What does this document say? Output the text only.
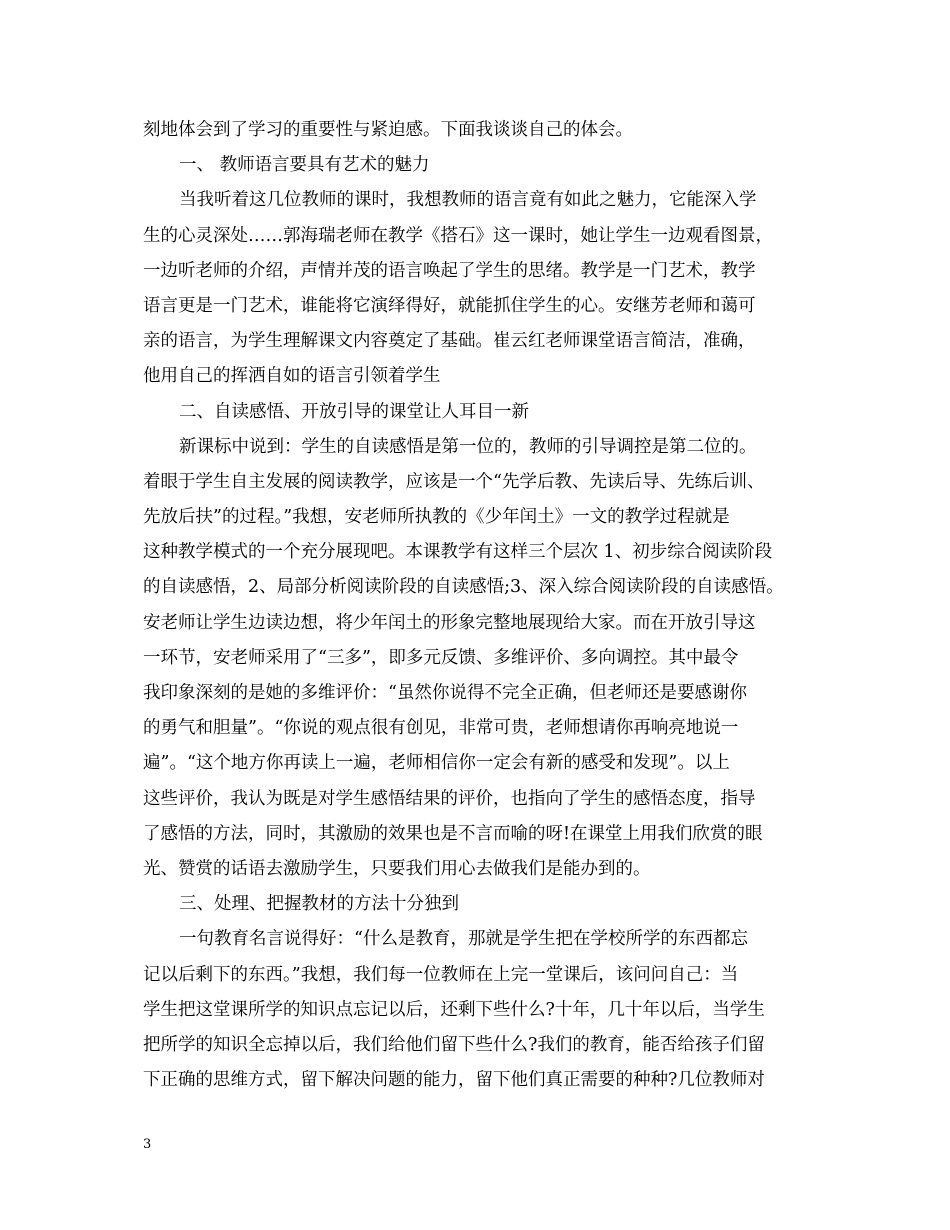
刻地体会到了学习的重要性与紧迫感。下面我谈谈自己的体会。
一、 教师语言要具有艺术的魅力
当我听着这几位教师的课时，我想教师的语言竟有如此之魅力，它能深入学
生的心灵深处……郭海瑞老师在教学《搭石》这一课时，她让学生一边观看图景，
一边听老师的介绍，声情并茂的语言唤起了学生的思绪。教学是一门艺术，教学
语言更是一门艺术，谁能将它演绎得好，就能抓住学生的心。安继芳老师和蔼可
亲的语言，为学生理解课文内容奠定了基础。崔云红老师课堂语言简洁，准确，
他用自己的挥洒自如的语言引领着学生
二、自读感悟、开放引导的课堂让人耳目一新
新课标中说到：学生的自读感悟是第一位的，教师的引导调控是第二位的。
着眼于学生自主发展的阅读教学，应该是一个“先学后教、先读后导、先练后训、
先放后扶”的过程。”我想，安老师所执教的《少年闰土》一文的教学过程就是
这种教学模式的一个充分展现吧。本课教学有这样三个层次 1、初步综合阅读阶段
的自读感悟，2、局部分析阅读阶段的自读感悟;3、深入综合阅读阶段的自读感悟。
安老师让学生边读边想，将少年闰土的形象完整地展现给大家。而在开放引导这
一环节，安老师采用了“三多”，即多元反馈、多维评价、多向调控。其中最令
我印象深刻的是她的多维评价：“虽然你说得不完全正确，但老师还是要感谢你
的勇气和胆量”。“你说的观点很有创见，非常可贵，老师想请你再响亮地说一
遍”。“这个地方你再读上一遍，老师相信你一定会有新的感受和发现”。以上
这些评价，我认为既是对学生感悟结果的评价，也指向了学生的感悟态度，指导
了感悟的方法，同时，其激励的效果也是不言而喻的呀!在课堂上用我们欣赏的眼
光、赞赏的话语去激励学生，只要我们用心去做我们是能办到的。
三、处理、把握教材的方法十分独到
一句教育名言说得好：“什么是教育，那就是学生把在学校所学的东西都忘
记以后剩下的东西。”我想，我们每一位教师在上完一堂课后，该问问自己：当
学生把这堂课所学的知识点忘记以后，还剩下些什么?十年，几十年以后，当学生
把所学的知识全忘掉以后，我们给他们留下些什么?我们的教育，能否给孩子们留
下正确的思维方式，留下解决问题的能力，留下他们真正需要的种种?几位教师对
3
